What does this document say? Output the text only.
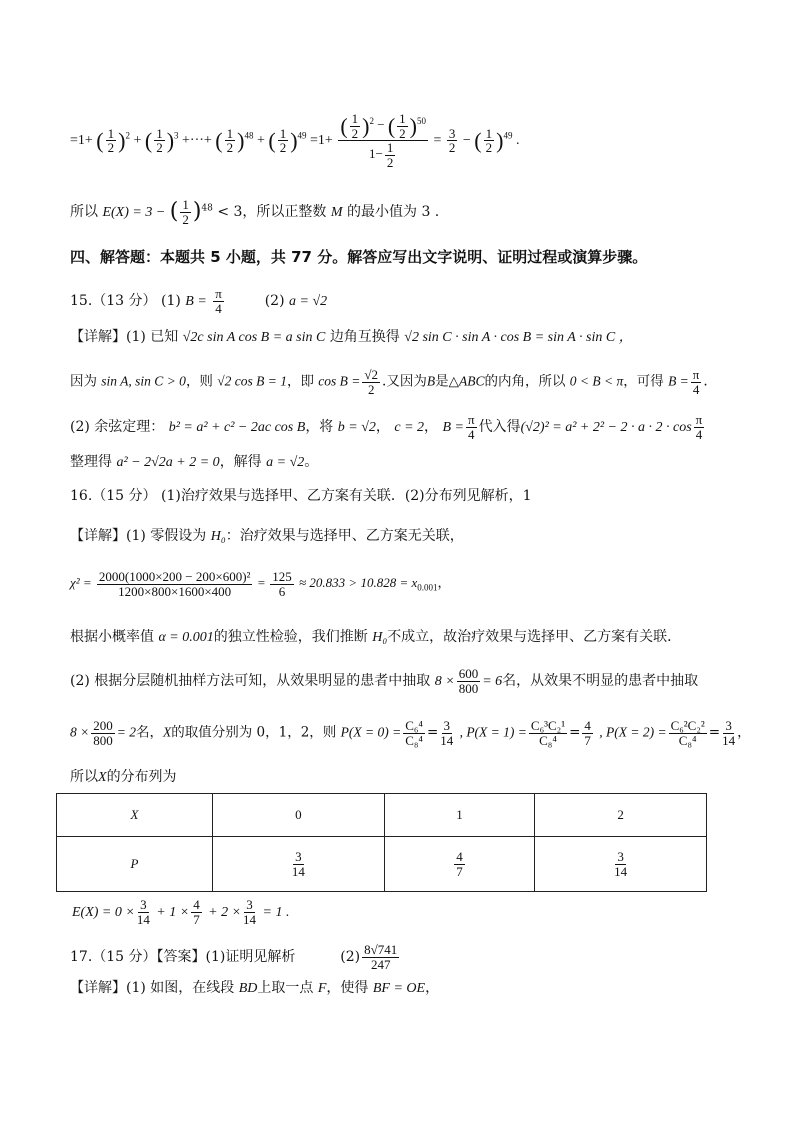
=1+ ( $\frac{1}{2} )^2$ + ( $\frac{1}{2} )^3$ +···+ ( $\frac{1}{2} )^{48}$ + ( $\frac{1}{2} )^{49} =1+ \frac{( \frac{1}{2} )^2 - ( \frac{1}{2} )^{50}}{1- \frac{1}{2}} = \frac{3}{2}$ − ( $\frac{1}{2} )^{49}$ .
所以 E(X) = 3 − ( $\frac{1}{2} )^{48} < 3$，所以正整数 M 的最小值为 3 .
四、解答题：本题共 5 小题，共 77 分。解答应写出文字说明、证明过程或演算步骤。
15.（13 分） (1) $B = \frac{\pi}{4}$	(2) a = √2
【详解】(1) 已知 √2c sin A cos B = a sin C 边角互换得 √2 sin C · sin A · cos B = sin A · sin C ，
因为 sin A, sin C > 0，则 √2 cos B = 1，即 $\cos B = \frac{√2}{2}$ .又因为B是△ABC的内角，所以 0 < B < π，可得 $B = \frac{\pi}{4}$ .
(2) 余弦定理： b² = a² + c² − 2ac cos B，将 b = √2， c = 2， $B = \frac{\pi}{4}$ 代入得$(√2)^2 = a^2 + 2^2 - 2 \cdot a \cdot 2 \cdot \cos \frac{\pi}{4}$
整理得 a² − 2√2a + 2 = 0，解得 a = √2。
16.（15 分） (1)治疗效果与选择甲、乙方案有关联．(2)分布列见解析，1
【详解】(1) 零假设为 H₀：治疗效果与选择甲、乙方案无关联，
$\chi^2 = \frac{\text{2000(1000×200 − 200×600)²}}{1200\times 800\times 1600\times 400} = \frac{125}{6} \approx 20.833 > 10.828 = x_{0.001}$，
根据小概率值 α = 0.001的独立性检验，我们推断 H₀不成立，故治疗效果与选择甲、乙方案有关联．
(2) 根据分层随机抽样方法可知，从效果明显的患者中抽取 $8 \times \frac{600}{800} = 6$名，从效果不明显的患者中抽取
$8 \times \frac{200}{800} = 2$名，X的取值分别为 0，1，2，则 $P(X = 0) = \frac{\text{C₆⁴}}{\text{C₈⁴}} = \frac{3}{14}$ , $P(X = 1) = \frac{\text{C₆³C₂¹}}{\text{C₈⁴}} = \frac{4}{7}$ , $P(X = 2) = \frac{\text{C₆²C₂²}}{\text{C₈⁴}} = \frac{3}{14}$ ，
所以X的分布列为
X	0	1	2
P	$\frac{3}{14}$	$\frac{4}{7}$	$\frac{3}{14}$
$E(X) = 0 \times \frac{3}{14} + 1 \times \frac{4}{7} + 2 \times \frac{3}{14} = 1$ .
17.（15 分）【答案】(1)证明见解析	$(2) \frac{8√741}{247}$
【详解】(1) 如图，在线段 BD上取一点 F，使得 BF = OE，
